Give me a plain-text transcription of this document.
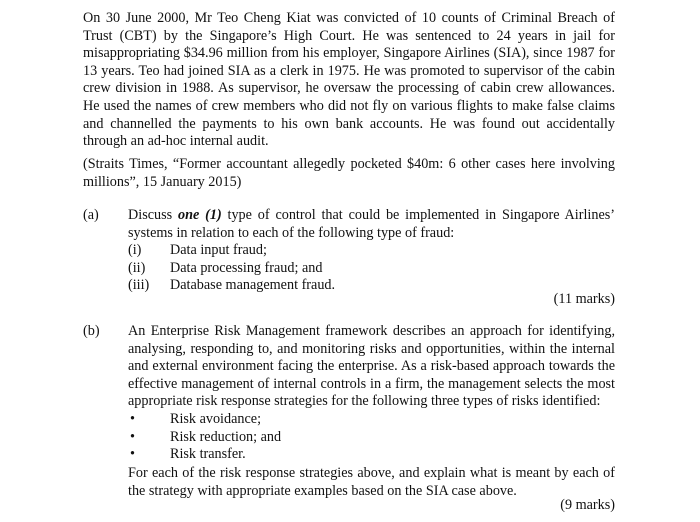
On 30 June 2000, Mr Teo Cheng Kiat was convicted of 10 counts of Criminal Breach of Trust (CBT) by the Singapore’s High Court. He was sentenced to 24 years in jail for misappropriating $34.96 million from his employer, Singapore Airlines (SIA), since 1987 for 13 years. Teo had joined SIA as a clerk in 1975. He was promoted to supervisor of the cabin crew division in 1988. As supervisor, he oversaw the processing of cabin crew allowances. He used the names of crew members who did not fly on various flights to make false claims and channelled the payments to his own bank accounts. He was found out accidentally through an ad-hoc internal audit.
(Straits Times, “Former accountant allegedly pocketed $40m: 6 other cases here involving millions”, 15 January 2015)
(a) Discuss one (1) type of control that could be implemented in Singapore Airlines’ systems in relation to each of the following type of fraud:
(i)	Data input fraud;
(ii)	Data processing fraud; and
(iii)	Database management fraud.
(11 marks)
(b) An Enterprise Risk Management framework describes an approach for identifying, analysing, responding to, and monitoring risks and opportunities, within the internal and external environment facing the enterprise. As a risk-based approach towards the effective management of internal controls in a firm, the management selects the most appropriate risk response strategies for the following three types of risks identified:
•	Risk avoidance;
•	Risk reduction; and
•	Risk transfer.
For each of the risk response strategies above, and explain what is meant by each of the strategy with appropriate examples based on the SIA case above.
(9 marks)
